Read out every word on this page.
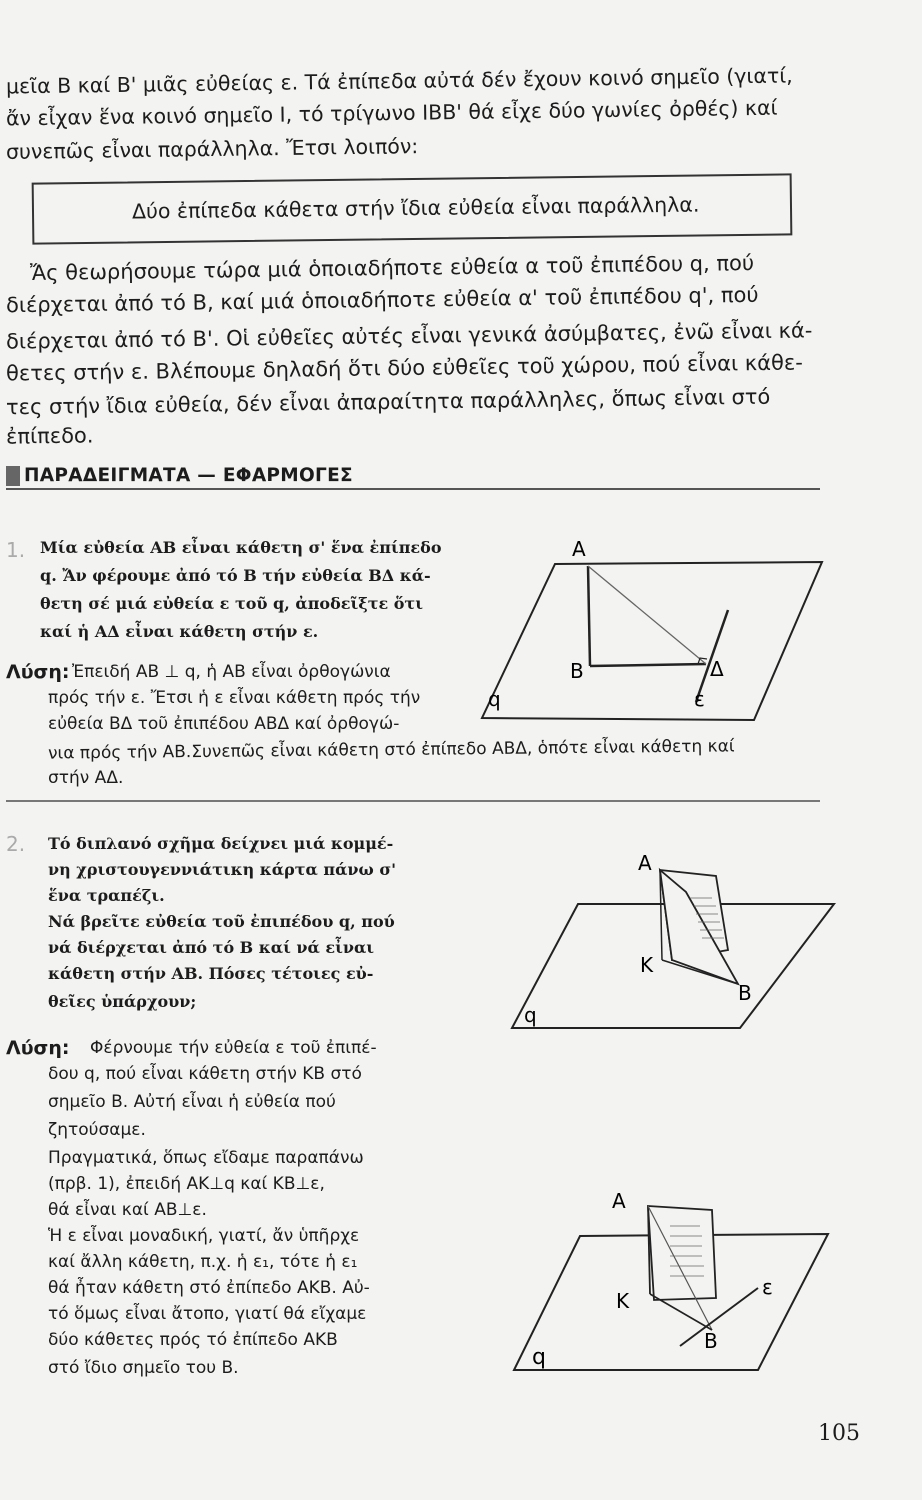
μεῖα Β καί Β' μιᾶς εὐθείας ε. Τά ἐπίπεδα αὐτά δέν ἔχουν κοινό σημεῖο (γιατί,
ἄν εἶχαν ἕνα κοινό σημεῖο Ι, τό τρίγωνο ΙΒΒ' θά εἶχε δύο γωνίες ὀρθές) καί
συνεπῶς εἶναι παράλληλα. Ἔτσι λοιπόν:
Δύο ἐπίπεδα κάθετα στήν ἴδια εὐθεία εἶναι παράλληλα.
Ἄς θεωρήσουμε τώρα μιά ὁποιαδήποτε εὐθεία α τοῦ ἐπιπέδου q, πού
διέρχεται ἀπό τό Β, καί μιά ὁποιαδήποτε εὐθεία α' τοῦ ἐπιπέδου q', πού
διέρχεται ἀπό τό Β'. Οἱ εὐθεῖες αὐτές εἶναι γενικά ἀσύμβατες, ἐνῶ εἶναι κά-
θετες στήν ε. Βλέπουμε δηλαδή ὅτι δύο εὐθεῖες τοῦ χώρου, πού εἶναι κάθε-
τες στήν ἴδια εὐθεία, δέν εἶναι ἀπαραίτητα παράλληλες, ὅπως εἶναι στό
ἐπίπεδο.
ΠΑΡΑΔΕΙΓΜΑΤΑ — ΕΦΑΡΜΟΓΕΣ
1. Μία εὐθεία ΑΒ εἶναι κάθετη σ' ἕνα ἐπίπεδο
q. Ἄν φέρουμε ἀπό τό Β τήν εὐθεία ΒΔ κά-
θετη σέ μιά εὐθεία ε τοῦ q, ἀποδεῖξτε ὅτι
καί ἡ ΑΔ εἶναι κάθετη στήν ε.
Λύση: Ἐπειδή ΑΒ ⊥ q, ἡ ΑΒ εἶναι ὀρθογώνια
πρός τήν ε. Ἔτσι ἡ ε εἶναι κάθετη πρός τήν
εὐθεία ΒΔ τοῦ ἐπιπέδου ΑΒΔ καί ὀρθογώ-
νια πρός τήν ΑΒ.Συνεπῶς εἶναι κάθετη στό ἐπίπεδο ΑΒΔ, ὁπότε εἶναι κάθετη καί
στήν ΑΔ.
Α
Β	Δ
ε
q
2. Τό διπλανό σχῆμα δείχνει μιά κομμέ-
νη χριστουγεννιάτικη κάρτα πάνω σ'
ἕνα τραπέζι.
Νά βρεῖτε εὐθεία τοῦ ἐπιπέδου q, πού
νά διέρχεται ἀπό τό Β καί νά εἶναι
κάθετη στήν ΑΒ. Πόσες τέτοιες εὐ-
θεῖες ὑπάρχουν;
Λύση: Φέρνουμε τήν εὐθεία ε τοῦ ἐπιπέ-
δου q, πού εἶναι κάθετη στήν ΚΒ στό
σημεῖο Β. Αὐτή εἶναι ἡ εὐθεία πού
ζητούσαμε.
Πραγματικά, ὅπως εἴδαμε παραπάνω
(πρβ. 1), ἐπειδή ΑΚ⊥q καί ΚΒ⊥ε,
θά εἶναι καί ΑΒ⊥ε.
Ἡ ε εἶναι μοναδική, γιατί, ἄν ὑπῆρχε
καί ἄλλη κάθετη, π.χ. ἡ ε₁, τότε ἡ ε₁
θά ἦταν κάθετη στό ἐπίπεδο ΑΚΒ. Αὐ-
τό ὅμως εἶναι ἄτοπο, γιατί θά εἴχαμε
δύο κάθετες πρός τό ἐπίπεδο ΑΚΒ
στό ἴδιο σημεῖο του Β.
Α
Κ
Β
q
Α
Κ
Β
ε
q
105
